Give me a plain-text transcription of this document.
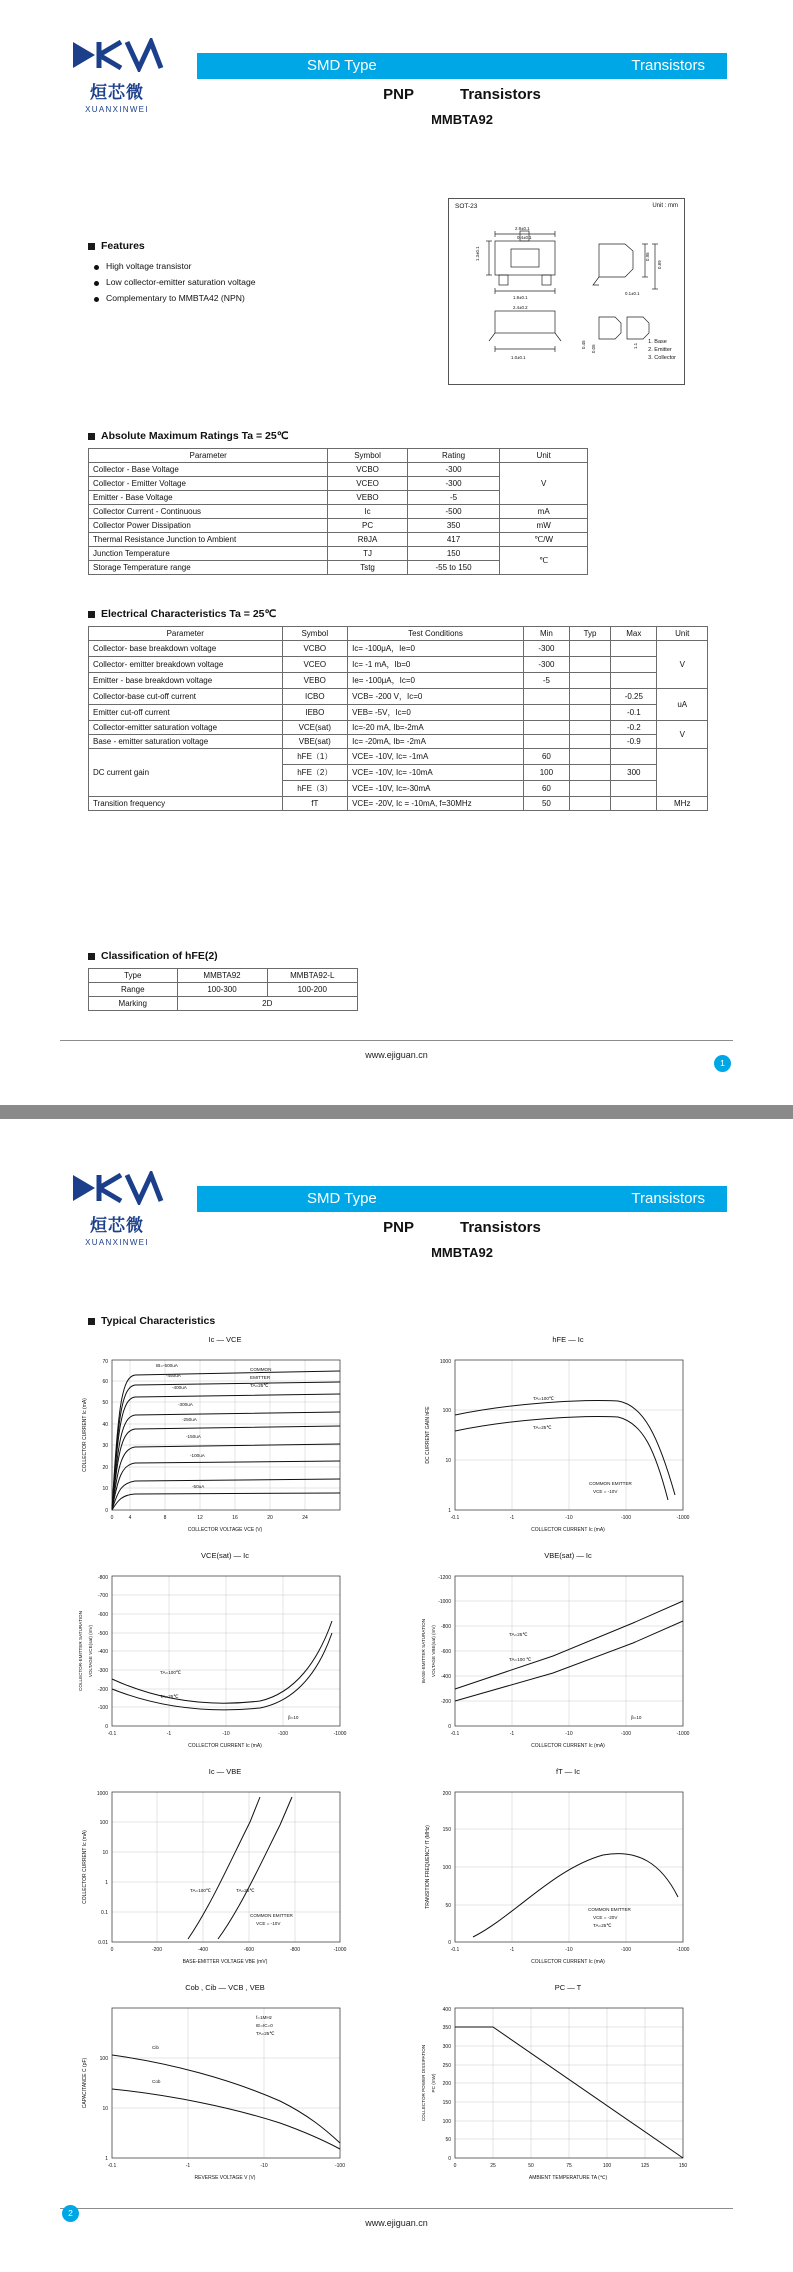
烜芯微
XUANXINWEI
SMD Type	Transistors
PNP	Transistors
MMBTA92
Features
High voltage transistor
Low collector-emitter saturation voltage
Complementary to MMBTA42 (NPN)
SOT-23	Unit : mm
2.9±0.1
0.4±0.1
1.3±0.1
1.9±0.1
2.4±0.2
1.0±0.1
0.95
0.89
0.1±0.1
0.45 0.05	1.1
1. Base
2. Emitter
3. Collector
Absolute Maximum Ratings Ta = 25℃
Parameter	Symbol	Rating	Unit
Collector - Base Voltage	VCBO	-300	V
Collector - Emitter Voltage	VCEO	-300	
Emitter - Base Voltage	VEBO	-5	
Collector Current - Continuous	Ic	-500	mA
Collector Power Dissipation	PC	350	mW
Thermal Resistance Junction to Ambient	RθJA	417	℃/W
Junction Temperature	TJ	150	℃
Storage Temperature range	Tstg	-55 to 150	
Electrical Characteristics Ta = 25℃
Parameter	Symbol	Test Conditions	Min	Typ	Max	Unit
Collector- base breakdown voltage	VCBO	Ic= -100μA，Ie=0	-300			V
Collector- emitter breakdown voltage	VCEO	Ic= -1 mA，Ib=0	-300			
Emitter - base breakdown voltage	VEBO	Ie= -100μA，Ic=0	-5			
Collector-base cut-off current	ICBO	VCB= -200 V，Ic=0			-0.25	uA
Emitter cut-off current	IEBO	VEB= -5V，Ic=0			-0.1	
Collector-emitter saturation voltage	VCE(sat)	Ic=-20 mA, Ib=-2mA			-0.2	V
Base - emitter saturation voltage	VBE(sat)	Ic= -20mA, Ib= -2mA			-0.9	
DC current gain	hFE（1）	VCE= -10V, Ic= -1mA	60			
	hFE（2）	VCE= -10V, Ic= -10mA	100		300	
	hFE（3）	VCE= -10V, Ic=-30mA	60			
Transition frequency	fT	VCE= -20V, Ic = -10mA, f=30MHz	50			MHz
Classification of hFE(2)
Type	MMBTA92	MMBTA92-L
Range	100-300	100-200
Marking	2D	
www.ejiguan.cn
1
烜芯微
XUANXINWEI
SMD Type	Transistors
PNP	Transistors
MMBTA92
Typical Characteristics
Ic — VCE
IB=-500uA
-450uA
-400uA
-300uA
-250uA
-150uA
-100uA
-50uA
COMMON
EMITTER
TA=25℃
0	4	8	12	16	20	24
COLLECTOR VOLTAGE VCE (V)
0
10
20
30
40
50
60
70
COLLECTOR CURRENT Ic (mA)
hFE — Ic
TA=100℃
TA=25℃
COMMON EMITTER
VCE = -10V
-0.1	-1	-10	-100	-1000
COLLECTOR CURRENT Ic (mA)
1
10
100
1000
DC CURRENT GAIN hFE
VCE(sat) — Ic
TA=100℃
TA=25℃
β=10
-0.1	-1	-10	-100	-1000
COLLECTOR CURRENT Ic (mA)
-800
-700
-600
-500
-400
-300
-200
-100
0
COLLECTOR-EMITTER SATURATION VOLTAGE VCE(sat) (mV)
VBE(sat) — Ic
TA=25℃
TA=100 ℃
β=10
-0.1	-1	-10	-100	-1000
COLLECTOR CURRENT Ic (mA)
-1200
-1000
-800
-600
-400
-200
0
BASE-EMITTER SATURATION VOLTAGE VBE(sat) (mV)
Ic — VBE
TA=100℃	TA=25℃
COMMON EMITTER
VCE = -10V
0	-200	-400	-600	-800	-1000
BASE-EMITTER VOLTAGE VBE (mV)
0.01
0.1
1
10
100
1000
COLLECTOR CURRENT Ic (mA)
fT — Ic
COMMON EMITTER
VCE = -20V
TA=25℃
-0.1	-1	-10	-100	-1000
COLLECTOR CURRENT Ic (mA)
0
50
100
150
200
TRANSITION FREQUENCY fT (MHz)
Cob , Cib — VCB , VEB
f=1MHz
IE=IC=0
TA=25℃
Cib
Cob
-0.1	-1	-10	-100
REVERSE VOLTAGE V (V)
1
10
100
CAPACITANCE C (pF)
PC — T
0	25	50	75	100	125	150
AMBIENT TEMPERATURE TA (℃)
0
50
100
150
200
250
300
350
400
COLLECTOR POWER DISSIPATION PC (mW)
www.ejiguan.cn
2
